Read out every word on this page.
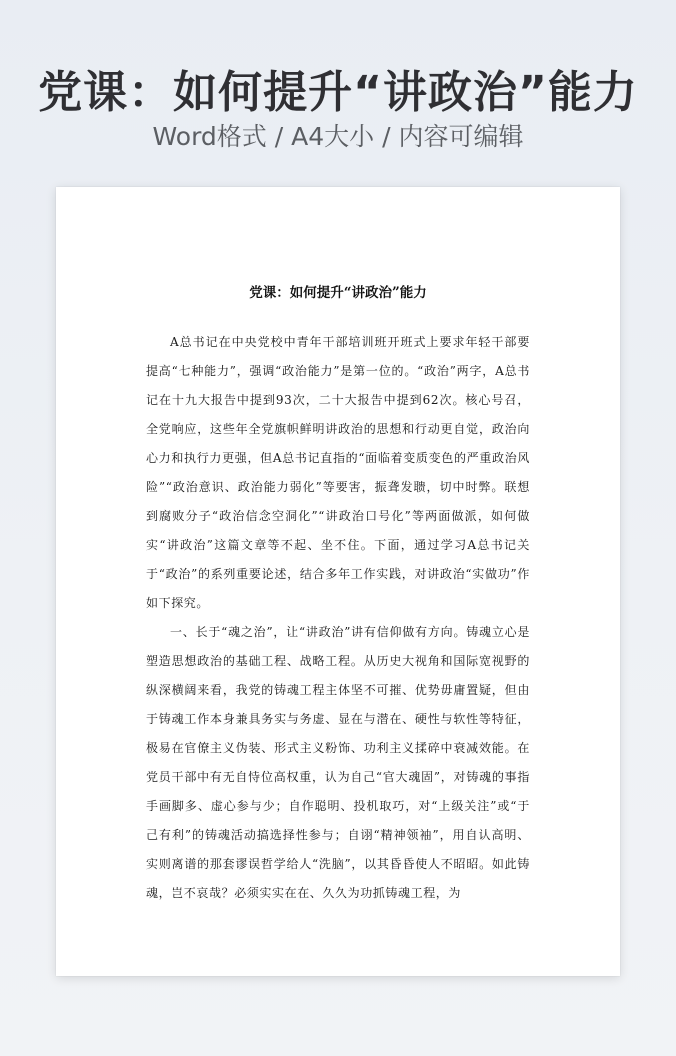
党课：如何提升“讲政治”能力
Word格式 / A4大小 / 内容可编辑
党课：如何提升“讲政治”能力

A总书记在中央党校中青年干部培训班开班式上要求年轻干部要提高“七种能力”，强调“政治能力”是第一位的。“政治”两字，A总书记在十九大报告中提到93次，二十大报告中提到62次。核心号召，全党响应，这些年全党旗帜鲜明讲政治的思想和行动更自觉，政治向心力和执行力更强，但A总书记直指的“面临着变质变色的严重政治风险”“政治意识、政治能力弱化”等要害，振聋发聩，切中时弊。联想到腐败分子“政治信念空洞化”“讲政治口号化”等两面做派，如何做实“讲政治”这篇文章等不起、坐不住。下面，通过学习A总书记关于“政治”的系列重要论述，结合多年工作实践，对讲政治“实做功”作如下探究。

一、长于“魂之治”，让“讲政治”讲有信仰做有方向。铸魂立心是塑造思想政治的基础工程、战略工程。从历史大视角和国际宽视野的纵深横阔来看，我党的铸魂工程主体坚不可摧、优势毋庸置疑，但由于铸魂工作本身兼具务实与务虚、显在与潜在、硬性与软性等特征，极易在官僚主义伪装、形式主义粉饰、功利主义揉碎中衰减效能。在党员干部中有无自恃位高权重，认为自己“官大魂固”，对铸魂的事指手画脚多、虚心参与少；自作聪明、投机取巧，对“上级关注”或“于己有利”的铸魂活动搞选择性参与；自诩“精神领袖”，用自认高明、实则离谱的那套谬误哲学给人“洗脑”，以其昏昏使人不昭昭。如此铸魂，岂不哀哉？必须实实在在、久久为功抓铸魂工程，为
